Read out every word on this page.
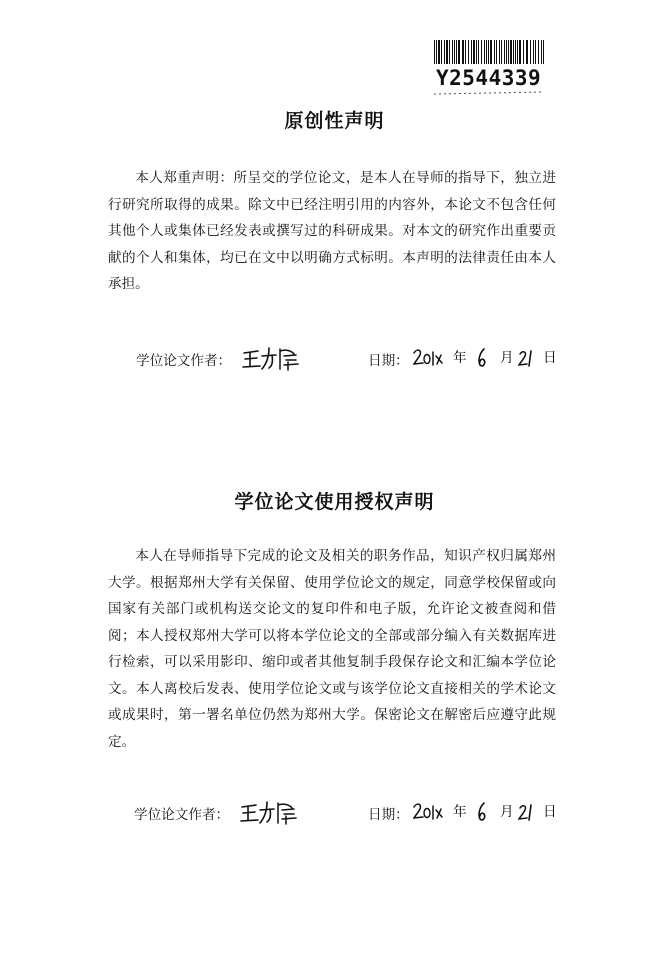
Y2544339
原创性声明

本人郑重声明：所呈交的学位论文，是本人在导师的指导下，独立进行研究所取得的成果。除文中已经注明引用的内容外，本论文不包含任何其他个人或集体已经发表或撰写过的科研成果。对本文的研究作出重要贡献的个人和集体，均已在文中以明确方式标明。本声明的法律责任由本人承担。

学位论文作者：	日期：	年 月 日
学位论文使用授权声明

本人在导师指导下完成的论文及相关的职务作品，知识产权归属郑州大学。根据郑州大学有关保留、使用学位论文的规定，同意学校保留或向国家有关部门或机构送交论文的复印件和电子版，允许论文被查阅和借阅；本人授权郑州大学可以将本学位论文的全部或部分编入有关数据库进行检索，可以采用影印、缩印或者其他复制手段保存论文和汇编本学位论文。本人离校后发表、使用学位论文或与该学位论文直接相关的学术论文或成果时，第一署名单位仍然为郑州大学。保密论文在解密后应遵守此规定。

学位论文作者：	日期：	年 月 日
